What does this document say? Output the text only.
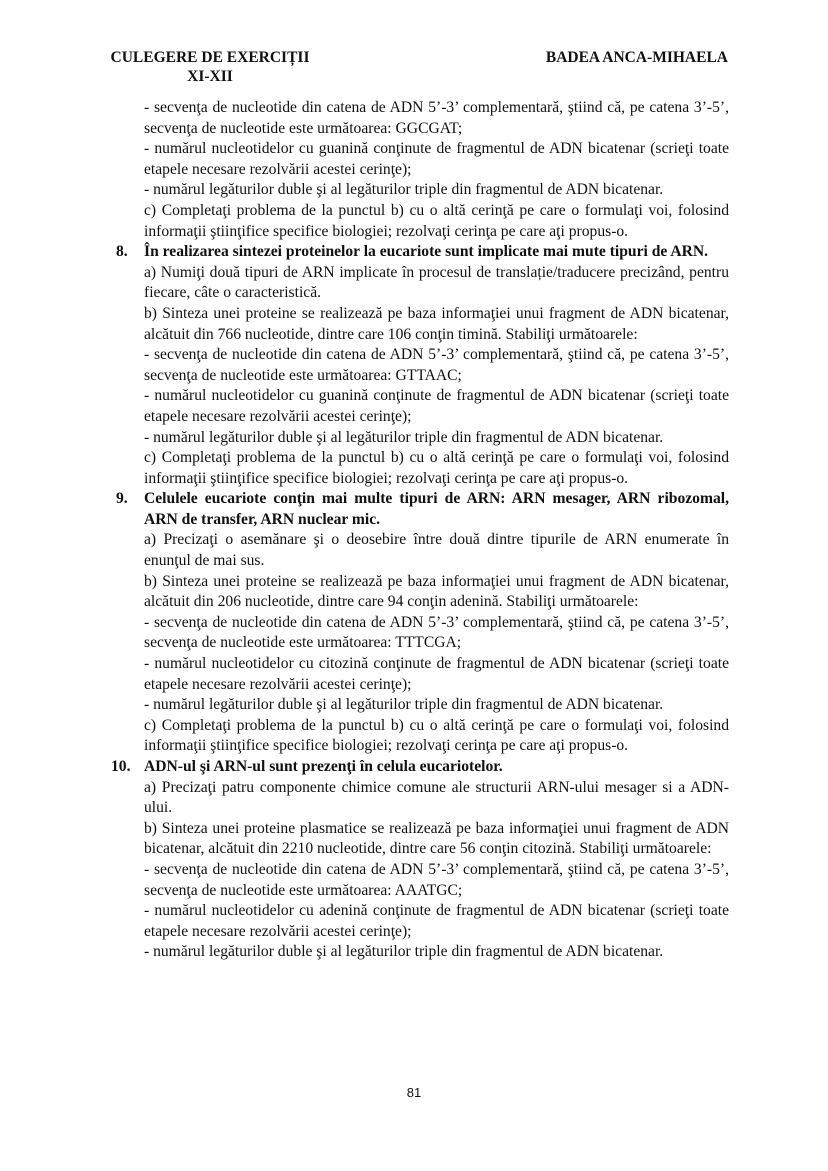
CULEGERE DE EXERCIȚII
XI-XII
BADEA ANCA-MIHAELA

- secvenţa de nucleotide din catena de ADN 5’-3’ complementară, ştiind că, pe catena 3’-5’, secvenţa de nucleotide este următoarea: GGCGAT;

- numărul nucleotidelor cu guanină conţinute de fragmentul de ADN bicatenar (scrieţi toate etapele necesare rezolvării acestei cerinţe);

- numărul legăturilor duble şi al legăturilor triple din fragmentul de ADN bicatenar.

c) Completaţi problema de la punctul b) cu o altă cerinţă pe care o formulaţi voi, folosind informaţii ştiinţifice specifice biologiei; rezolvaţi cerinţa pe care aţi propus-o.

8. În realizarea sintezei proteinelor la eucariote sunt implicate mai mute tipuri de ARN.

a) Numiţi două tipuri de ARN implicate în procesul de translație/traducere precizând, pentru fiecare, câte o caracteristică.

b) Sinteza unei proteine se realizează pe baza informaţiei unui fragment de ADN bicatenar, alcătuit din 766 nucleotide, dintre care 106 conţin timină. Stabiliţi următoarele:

- secvenţa de nucleotide din catena de ADN 5’-3’ complementară, ştiind că, pe catena 3’-5’, secvenţa de nucleotide este următoarea: GTTAAC;

- numărul nucleotidelor cu guanină conţinute de fragmentul de ADN bicatenar (scrieţi toate etapele necesare rezolvării acestei cerinţe);

- numărul legăturilor duble şi al legăturilor triple din fragmentul de ADN bicatenar.

c) Completaţi problema de la punctul b) cu o altă cerinţă pe care o formulaţi voi, folosind informaţii ştiinţifice specifice biologiei; rezolvaţi cerinţa pe care aţi propus-o.

9. Celulele eucariote conţin mai multe tipuri de ARN: ARN mesager, ARN ribozomal, ARN de transfer, ARN nuclear mic.

a) Precizaţi o asemănare şi o deosebire între două dintre tipurile de ARN enumerate în enunţul de mai sus.

b) Sinteza unei proteine se realizează pe baza informaţiei unui fragment de ADN bicatenar, alcătuit din 206 nucleotide, dintre care 94 conţin adenină. Stabiliţi următoarele:

- secvenţa de nucleotide din catena de ADN 5’-3’ complementară, ştiind că, pe catena 3’-5’, secvenţa de nucleotide este următoarea: TTTCGA;

- numărul nucleotidelor cu citozină conţinute de fragmentul de ADN bicatenar (scrieţi toate etapele necesare rezolvării acestei cerinţe);

- numărul legăturilor duble şi al legăturilor triple din fragmentul de ADN bicatenar.

c) Completaţi problema de la punctul b) cu o altă cerinţă pe care o formulaţi voi, folosind informaţii ştiinţifice specifice biologiei; rezolvaţi cerinţa pe care aţi propus-o.

10. ADN-ul şi ARN-ul sunt prezenţi în celula eucariotelor.

a) Precizaţi patru componente chimice comune ale structurii ARN-ului mesager si a ADN-ului.

b) Sinteza unei proteine plasmatice se realizează pe baza informaţiei unui fragment de ADN bicatenar, alcătuit din 2210 nucleotide, dintre care 56 conţin citozină. Stabiliţi următoarele:

- secvenţa de nucleotide din catena de ADN 5’-3’ complementară, ştiind că, pe catena 3’-5’, secvenţa de nucleotide este următoarea: AAATGC;

- numărul nucleotidelor cu adenină conţinute de fragmentul de ADN bicatenar (scrieţi toate etapele necesare rezolvării acestei cerinţe);

- numărul legăturilor duble şi al legăturilor triple din fragmentul de ADN bicatenar.

81
